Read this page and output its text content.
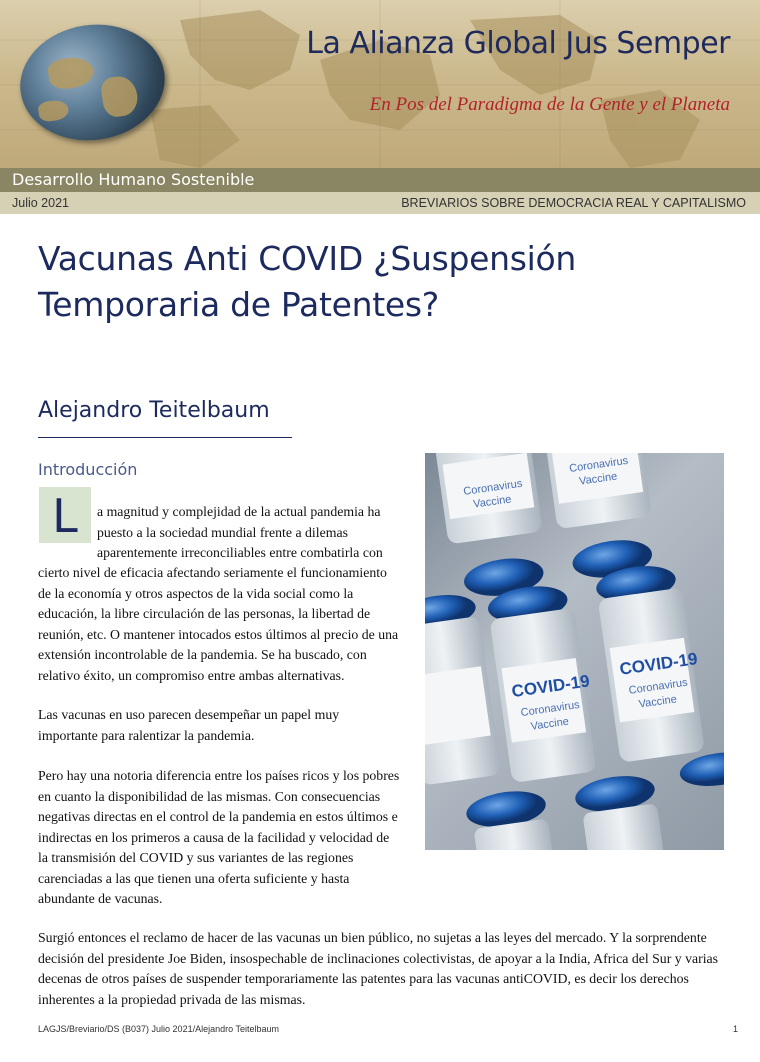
La Alianza Global Jus Semper
En Pos del Paradigma de la Gente y el Planeta
Desarrollo Humano Sostenible
Julio 2021	BREVIARIOS SOBRE DEMOCRACIA REAL Y CAPITALISMO
Vacunas Anti COVID ¿Suspensión
Temporaria de Patentes?
Alejandro Teitelbaum
Introducción
L	a magnitud y complejidad de la actual pandemia ha puesto a la sociedad mundial frente a dilemas aparentemente irreconciliables entre combatirla con

cierto nivel de eficacia afectando seriamente el funcionamiento de la economía y otros aspectos de la vida social como la educación, la libre circulación de las personas, la libertad de reunión, etc. O mantener intocados estos últimos al precio de una extensión incontrolable de la pandemia. Se ha buscado, con relativo éxito, un compromiso entre ambas alternativas.

Las vacunas en uso parecen desempeñar un papel muy importante para ralentizar la pandemia.

Pero hay una notoria diferencia entre los países ricos y los pobres en cuanto la disponibilidad de las mismas. Con consecuencias negativas directas en el control de la pandemia en estos últimos e indirectas en los primeros a causa de la facilidad y velocidad de la transmisión del COVID y sus variantes de las regiones carenciadas a las que tienen una oferta suficiente y hasta abundante de vacunas.

Surgió entonces el reclamo de hacer de las vacunas un bien público, no sujetas a las leyes del mercado. Y la sorprendente decisión del presidente Joe Biden, insospechable de inclinaciones colectivistas, de apoyar a la India, Africa del Sur y varias decenas de otros países de suspender temporariamente las patentes para las vacunas antiCOVID, es decir los derechos inherentes a la propiedad privada de las mismas.

COVID-19
Coronavirus
Vaccine
COVID-19
Coronavirus
Vaccine
Coronavirus
Vaccine
Coronavirus
Vaccine
LAGJS/Breviario/DS (B037) Julio 2021/Alejandro Teitelbaum	1
